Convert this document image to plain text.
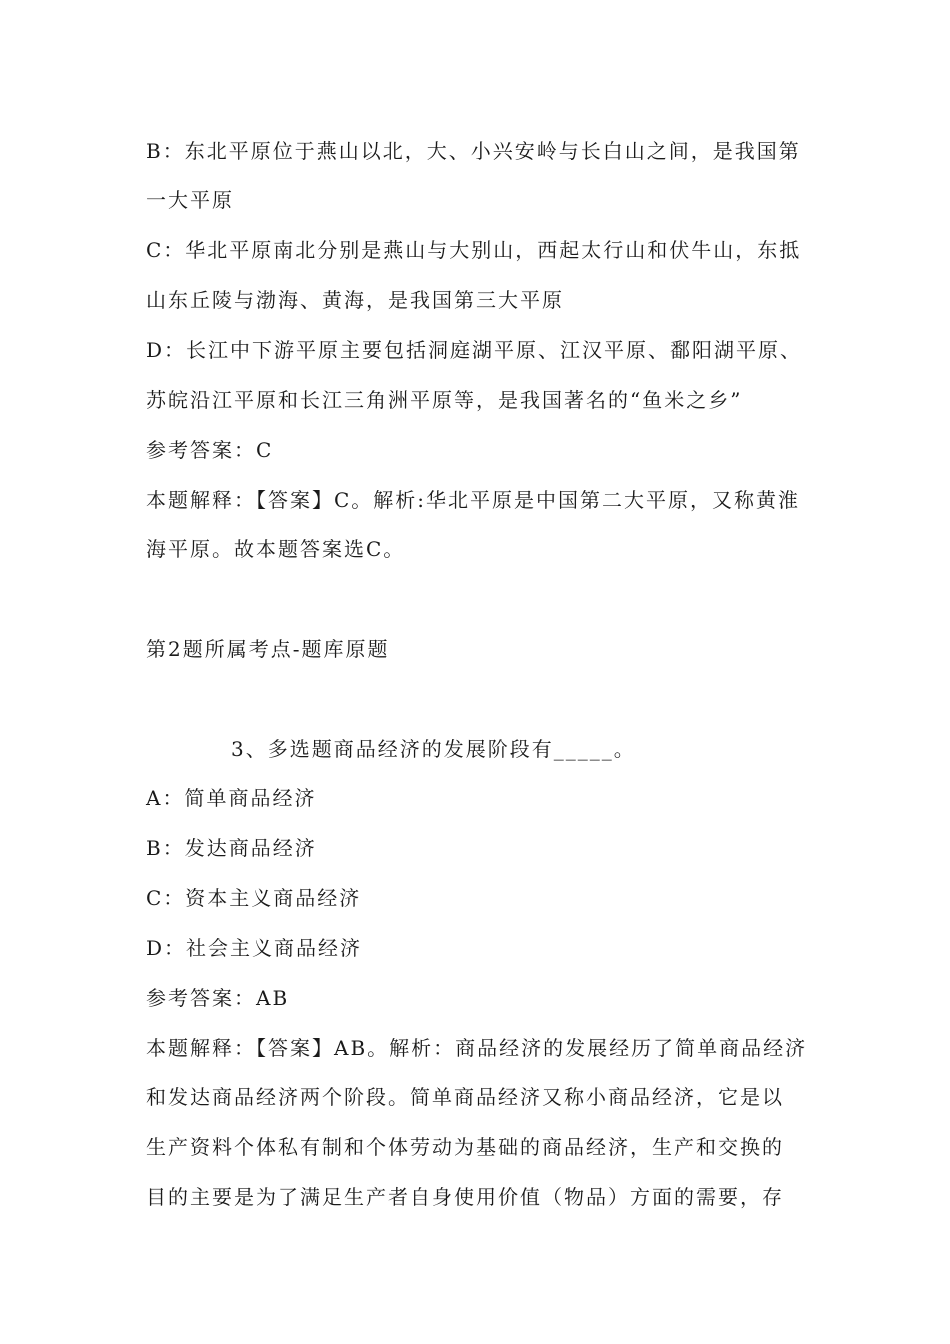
B：东北平原位于燕山以北，大、小兴安岭与长白山之间，是我国第
一大平原
C：华北平原南北分别是燕山与大别山，西起太行山和伏牛山，东抵
山东丘陵与渤海、黄海，是我国第三大平原
D：长江中下游平原主要包括洞庭湖平原、江汉平原、鄱阳湖平原、
苏皖沿江平原和长江三角洲平原等，是我国著名的“鱼米之乡”
参考答案：C
本题解释：【答案】C。解析:华北平原是中国第二大平原，又称黄淮
海平原。故本题答案选C。
第2题所属考点-题库原题
3、多选题商品经济的发展阶段有_____。
A：简单商品经济
B：发达商品经济
C：资本主义商品经济
D：社会主义商品经济
参考答案：AB
本题解释：【答案】AB。解析：商品经济的发展经历了简单商品经济
和发达商品经济两个阶段。简单商品经济又称小商品经济，它是以
生产资料个体私有制和个体劳动为基础的商品经济，生产和交换的
目的主要是为了满足生产者自身使用价值（物品）方面的需要，存
